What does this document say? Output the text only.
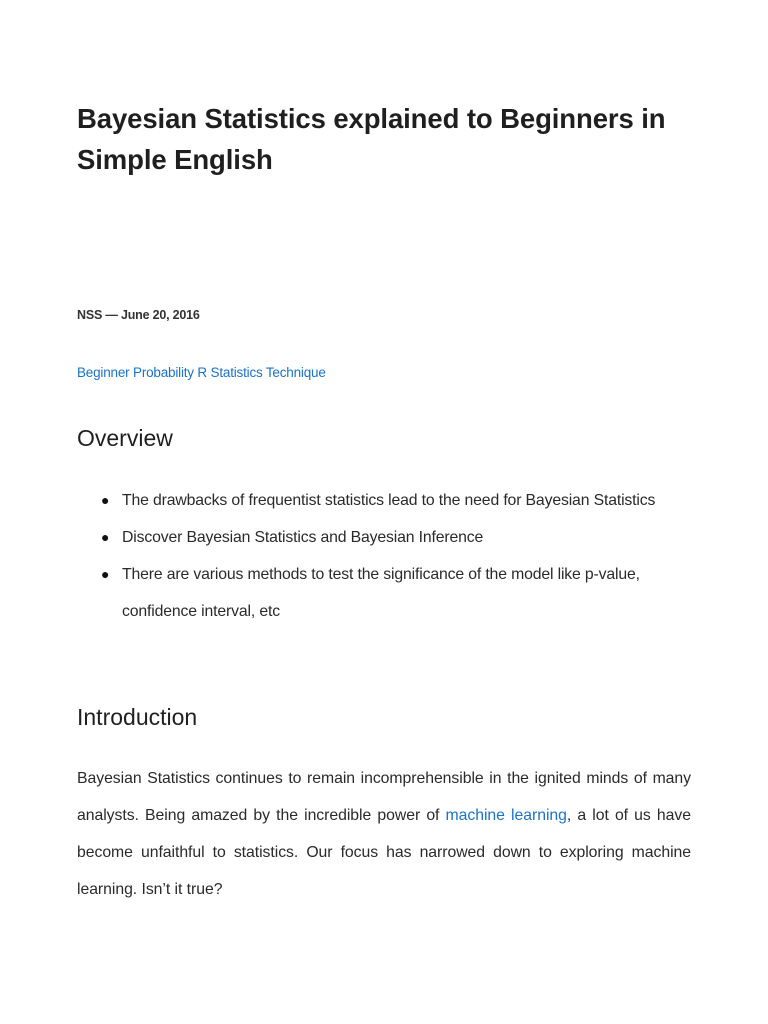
Bayesian Statistics explained to Beginners in Simple English

NSS — June 20, 2016

Beginner Probability R Statistics Technique

Overview
● The drawbacks of frequentist statistics lead to the need for Bayesian Statistics
● Discover Bayesian Statistics and Bayesian Inference
● There are various methods to test the significance of the model like p-value, confidence interval, etc
Introduction

Bayesian Statistics continues to remain incomprehensible in the ignited minds of many analysts. Being amazed by the incredible power of machine learning, a lot of us have become unfaithful to statistics. Our focus has narrowed down to exploring machine learning. Isn’t it true?
